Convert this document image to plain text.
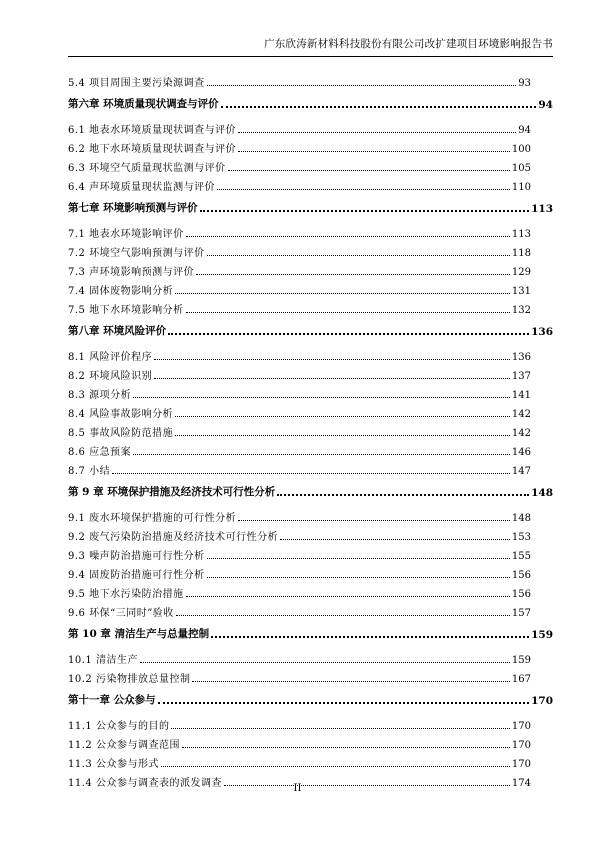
广东欣涛新材料科技股份有限公司改扩建项目环境影响报告书
5.4 项目周围主要污染源调查	93
第六章 环境质量现状调查与评价	94
6.1 地表水环境质量现状调查与评价	94
6.2 地下水环境质量现状调查与评价	100
6.3 环境空气质量现状监测与评价	105
6.4 声环境质量现状监测与评价	110
第七章 环境影响预测与评价	113
7.1 地表水环境影响评价	113
7.2 环境空气影响预测与评价	118
7.3 声环境影响预测与评价	129
7.4 固体废物影响分析	131
7.5 地下水环境影响分析	132
第八章 环境风险评价	136
8.1 风险评价程序	136
8.2 环境风险识别	137
8.3 源项分析	141
8.4 风险事故影响分析	142
8.5 事故风险防范措施	142
8.6 应急预案	146
8.7 小结	147
第 9 章 环境保护措施及经济技术可行性分析	148
9.1 废水环境保护措施的可行性分析	148
9.2 废气污染防治措施及经济技术可行性分析	153
9.3 噪声防治措施可行性分析	155
9.4 固废防治措施可行性分析	156
9.5 地下水污染防治措施	156
9.6 环保“三同时”验收	157
第 10 章 清洁生产与总量控制	159
10.1 清洁生产	159
10.2 污染物排放总量控制	167
第十一章 公众参与	170
11.1 公众参与的目的	170
11.2 公众参与调查范围	170
11.3 公众参与形式	170
11.4 公众参与调查表的派发调查	174
II
